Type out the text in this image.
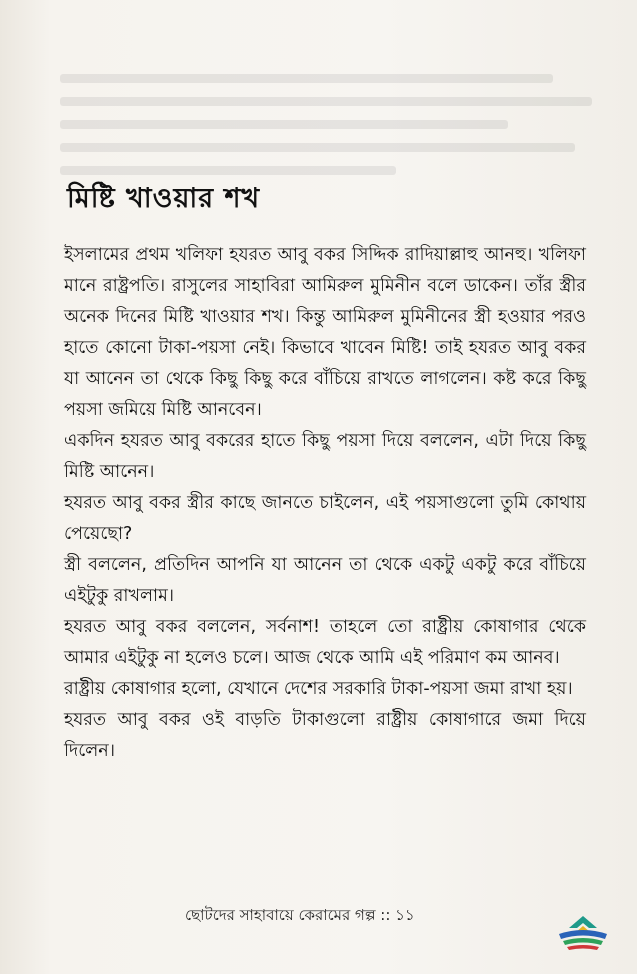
মিষ্টি খাওয়ার শখ

ইসলামের প্রথম খলিফা হযরত আবু বকর সিদ্দিক রাদিয়াল্লাহু আনহু। খলিফা মানে রাষ্ট্রপতি। রাসুলের সাহাবিরা আমিরুল মুমিনীন বলে ডাকেন। তাঁর স্ত্রীর অনেক দিনের মিষ্টি খাওয়ার শখ। কিন্তু আমিরুল মুমিনীনের স্ত্রী হওয়ার পরও হাতে কোনো টাকা-পয়সা নেই। কিভাবে খাবেন মিষ্টি! তাই হযরত আবু বকর যা আনেন তা থেকে কিছু কিছু করে বাঁচিয়ে রাখতে লাগলেন। কষ্ট করে কিছু পয়সা জমিয়ে মিষ্টি আনবেন।

একদিন হযরত আবু বকরের হাতে কিছু পয়সা দিয়ে বললেন, এটা দিয়ে কিছু মিষ্টি আনেন।

হযরত আবু বকর স্ত্রীর কাছে জানতে চাইলেন, এই পয়সাগুলো তুমি কোথায় পেয়েছো?

স্ত্রী বললেন, প্রতিদিন আপনি যা আনেন তা থেকে একটু একটু করে বাঁচিয়ে এইটুকু রাখলাম।

হযরত আবু বকর বললেন, সর্বনাশ! তাহলে তো রাষ্ট্রীয় কোষাগার থেকে আমার এইটুকু না হলেও চলে। আজ থেকে আমি এই পরিমাণ কম আনব।

রাষ্ট্রীয় কোষাগার হলো, যেখানে দেশের সরকারি টাকা-পয়সা জমা রাখা হয়।

হযরত আবু বকর ওই বাড়তি টাকাগুলো রাষ্ট্রীয় কোষাগারে জমা দিয়ে দিলেন।

ছোটদের সাহাবায়ে কেরামের গল্প :: ১১
